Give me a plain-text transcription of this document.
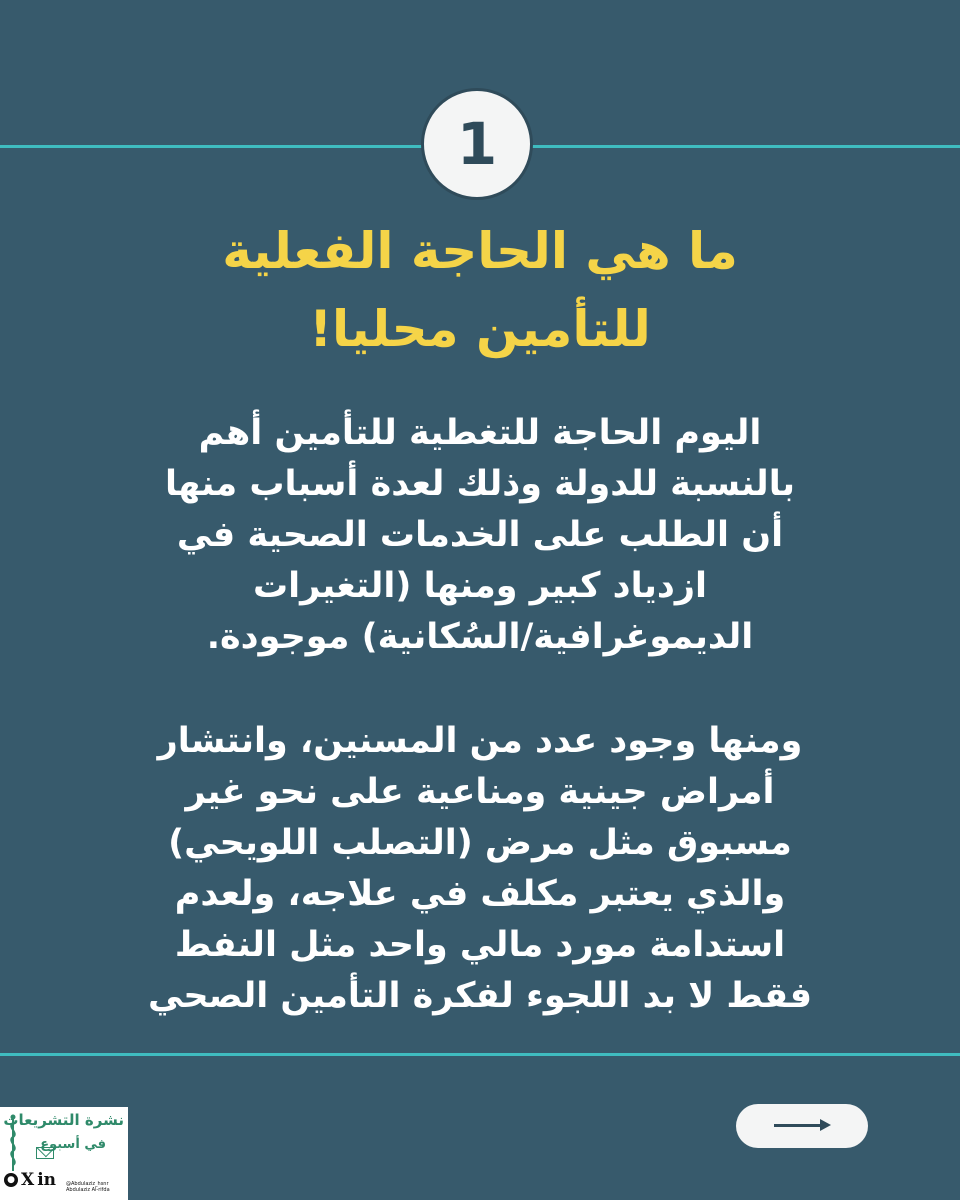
1
ما هي الحاجة الفعلية
للتأمين محليا!
اليوم الحاجة للتغطية للتأمين أهم
بالنسبة للدولة وذلك لعدة أسباب منها
أن الطلب على الخدمات الصحية في
ازدياد كبير ومنها (التغيرات
الديموغرافية/السُكانية) موجودة.
ومنها وجود عدد من المسنين، وانتشار
أمراض جينية ومناعية على نحو غير
مسبوق مثل مرض (التصلب اللويحي)
والذي يعتبر مكلف في علاجه، ولعدم
استدامة مورد مالي واحد مثل النفط
فقط لا بد اللجوء لفكرة التأمين الصحي
نشرة التشريعات
في أسبوع
● X in @Abdulaziz_hsnr
Abdulaziz Al-rifda
